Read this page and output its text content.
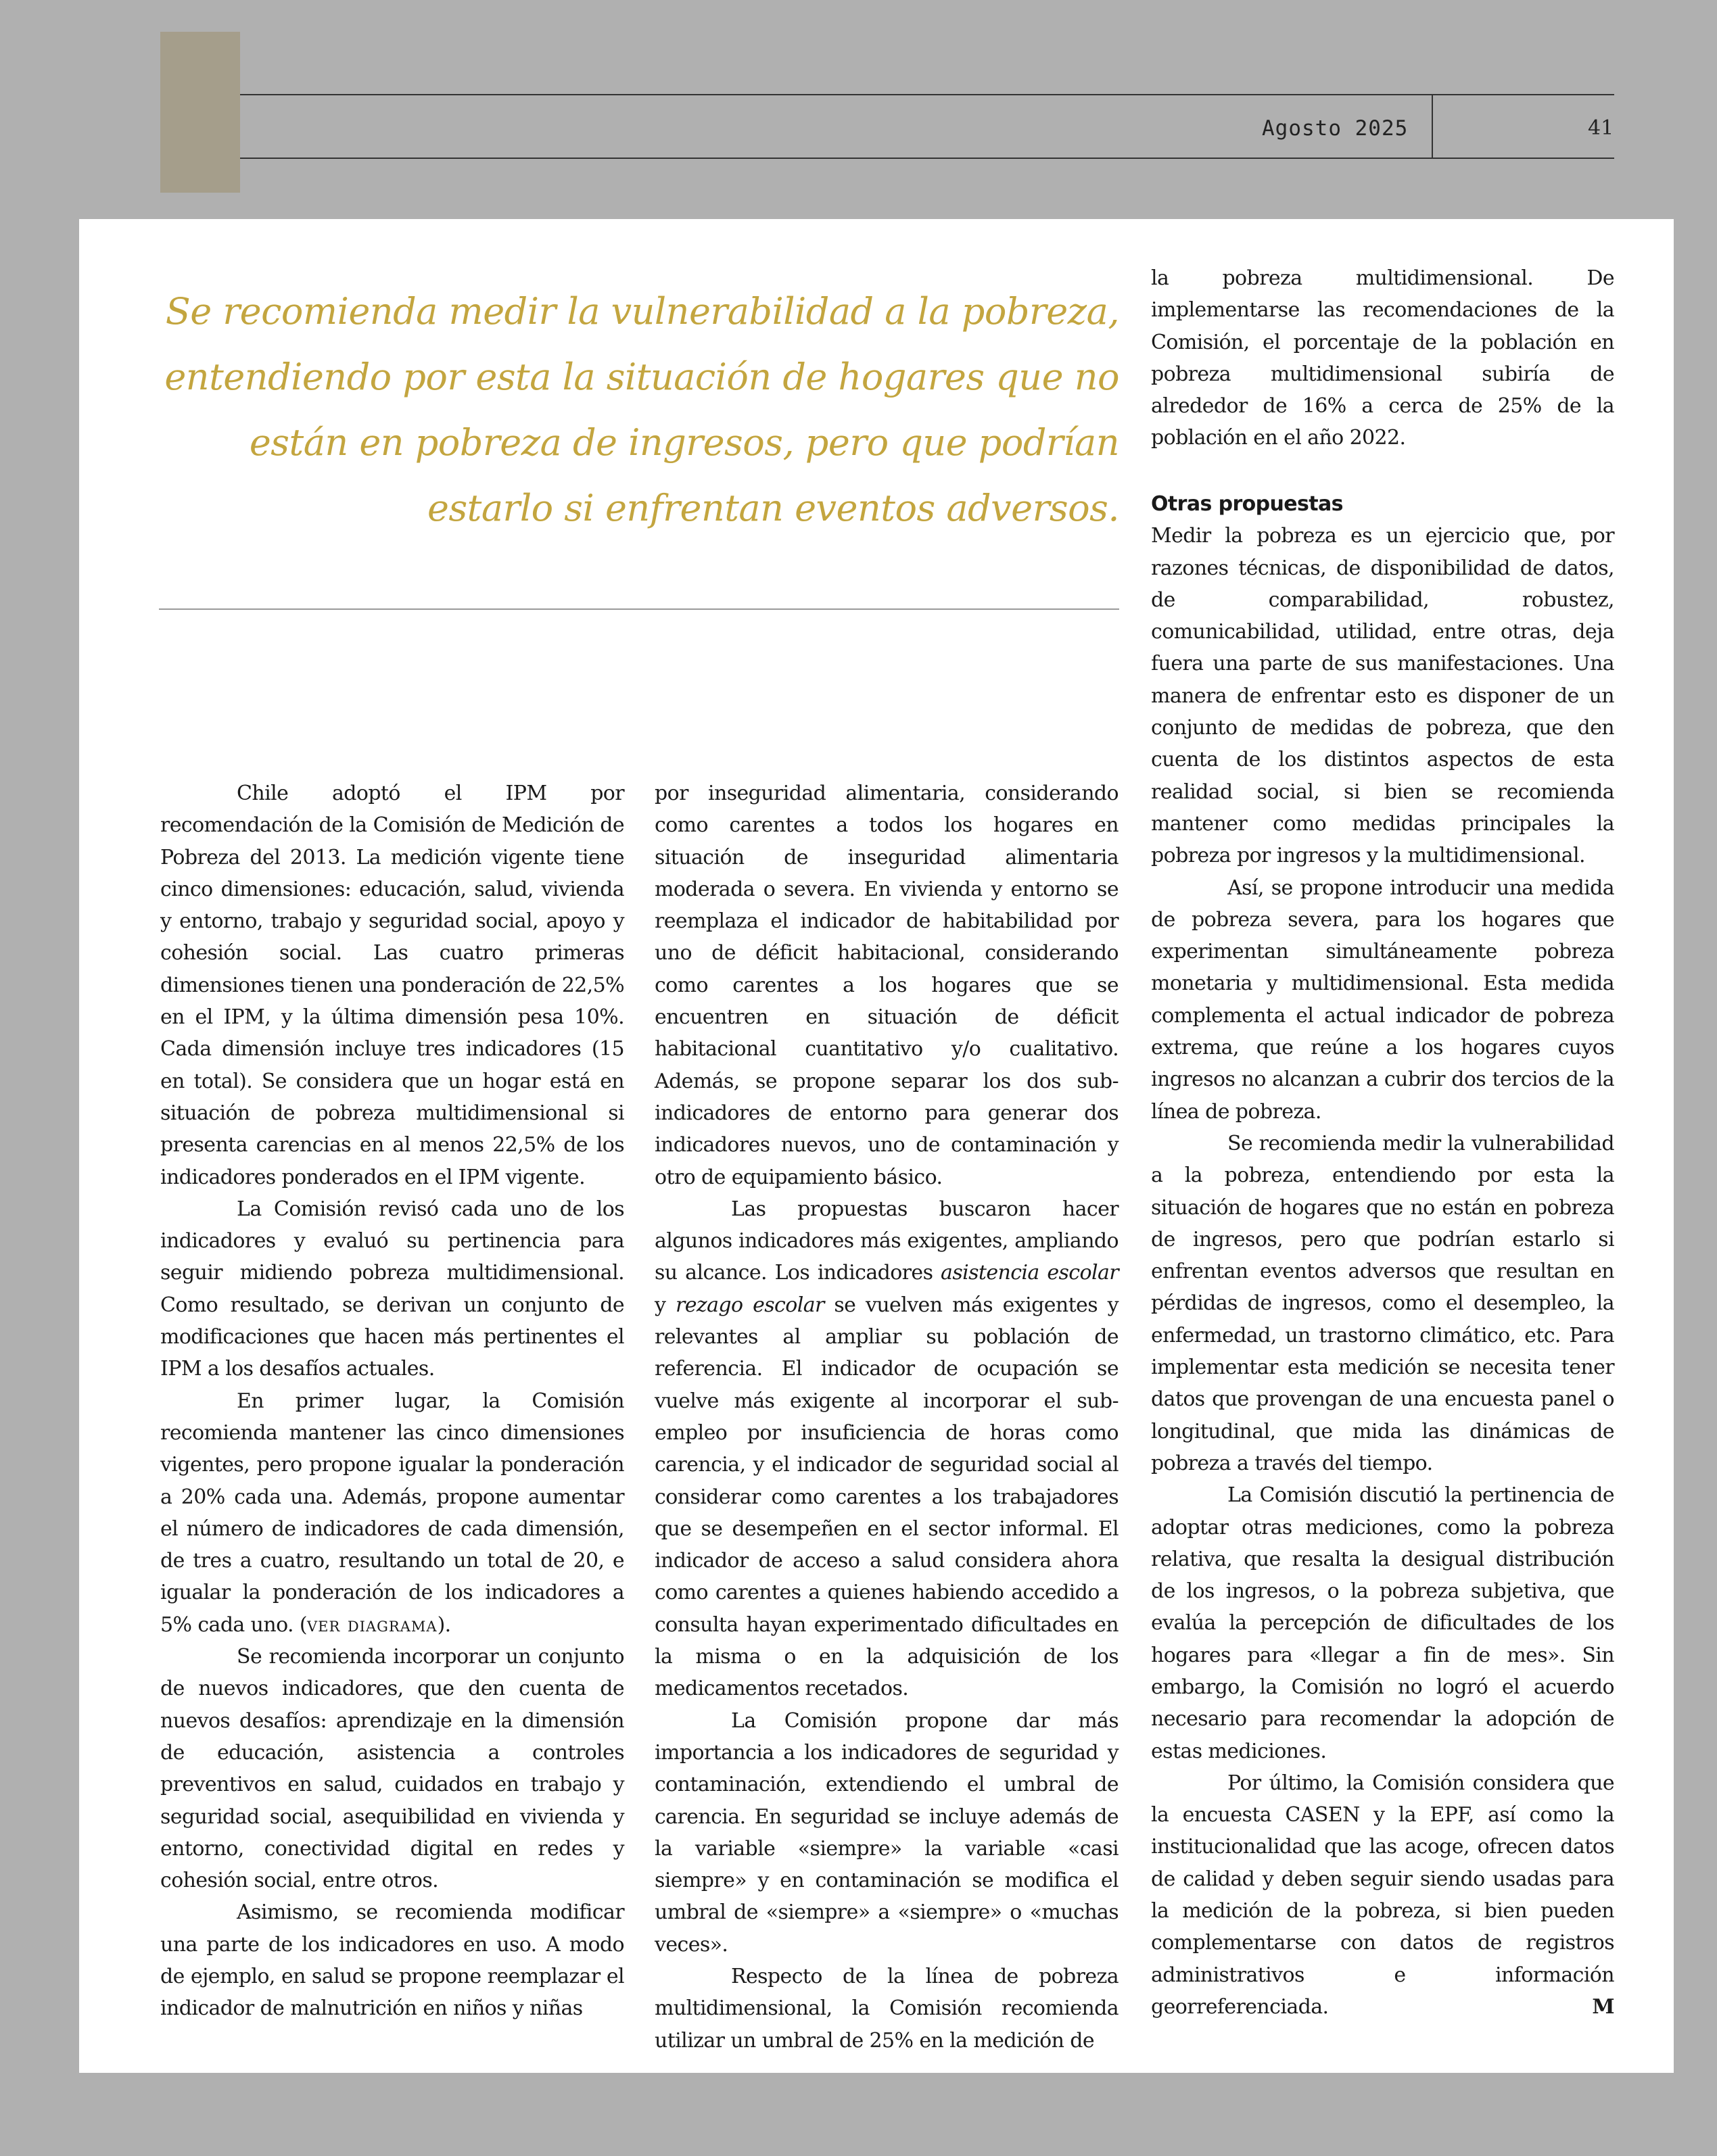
Agosto 2025	41
Se recomienda medir la vulnerabilidad a la pobreza, entendiendo por esta la situación de hogares que no están en pobreza de ingresos, pero que podrían estarlo si enfrentan eventos adversos.

Chile adoptó el IPM por recomendación de la Comisión de Medición de Pobreza del 2013. La medición vigente tiene cinco dimensiones: educación, salud, vivienda y entorno, trabajo y seguridad social, apoyo y cohesión social. Las cuatro primeras dimensiones tienen una ponderación de 22,5% en el IPM, y la última dimensión pesa 10%. Cada dimensión incluye tres indicadores (15 en total). Se considera que un hogar está en situación de pobreza multidimensional si presenta carencias en al menos 22,5% de los indicadores ponderados en el IPM vigente.

La Comisión revisó cada uno de los indicadores y evaluó su pertinencia para seguir midiendo pobreza multidimensional. Como resultado, se derivan un conjunto de modificaciones que hacen más pertinentes el IPM a los desafíos actuales.

En primer lugar, la Comisión recomienda mantener las cinco dimensiones vigentes, pero propone igualar la ponderación a 20% cada una. Además, propone aumentar el número de indicadores de cada dimensión, de tres a cuatro, resultando un total de 20, e igualar la ponderación de los indicadores a 5% cada uno. (ver diagrama).

Se recomienda incorporar un conjunto de nuevos indicadores, que den cuenta de nuevos desafíos: aprendizaje en la dimensión de educación, asistencia a controles preventivos en salud, cuidados en trabajo y seguridad social, asequibilidad en vivienda y entorno, conectividad digital en redes y cohesión social, entre otros.

Asimismo, se recomienda modificar una parte de los indicadores en uso. A modo de ejemplo, en salud se propone reemplazar el indicador de malnutrición en niños y niñas

por inseguridad alimentaria, considerando como carentes a todos los hogares en situación de inseguridad alimentaria moderada o severa. En vivienda y entorno se reemplaza el indicador de habitabilidad por uno de déficit habitacional, considerando como carentes a los hogares que se encuentren en situación de déficit habitacional cuantitativo y/o cualitativo. Además, se propone separar los dos sub-indicadores de entorno para generar dos indicadores nuevos, uno de contaminación y otro de equipamiento básico.

Las propuestas buscaron hacer algunos indicadores más exigentes, ampliando su alcance. Los indicadores asistencia escolar y rezago escolar se vuelven más exigentes y relevantes al ampliar su población de referencia. El indicador de ocupación se vuelve más exigente al incorporar el sub-empleo por insuficiencia de horas como carencia, y el indicador de seguridad social al considerar como carentes a los trabajadores que se desempeñen en el sector informal. El indicador de acceso a salud considera ahora como carentes a quienes habiendo accedido a consulta hayan experimentado dificultades en la misma o en la adquisición de los medicamentos recetados.

La Comisión propone dar más importancia a los indicadores de seguridad y contaminación, extendiendo el umbral de carencia. En seguridad se incluye además de la variable «siempre» la variable «casi siempre» y en contaminación se modifica el umbral de «siempre» a «siempre» o «muchas veces».

Respecto de la línea de pobreza multidimensional, la Comisión recomienda utilizar un umbral de 25% en la medición de

la pobreza multidimensional. De implementarse las recomendaciones de la Comisión, el porcentaje de la población en pobreza multidimensional subiría de alrededor de 16% a cerca de 25% de la población en el año 2022.

Otras propuestas

Medir la pobreza es un ejercicio que, por razones técnicas, de disponibilidad de datos, de comparabilidad, robustez, comunicabilidad, utilidad, entre otras, deja fuera una parte de sus manifestaciones. Una manera de enfrentar esto es disponer de un conjunto de medidas de pobreza, que den cuenta de los distintos aspectos de esta realidad social, si bien se recomienda mantener como medidas principales la pobreza por ingresos y la multidimensional.

Así, se propone introducir una medida de pobreza severa, para los hogares que experimentan simultáneamente pobreza monetaria y multidimensional. Esta medida complementa el actual indicador de pobreza extrema, que reúne a los hogares cuyos ingresos no alcanzan a cubrir dos tercios de la línea de pobreza.

Se recomienda medir la vulnerabilidad a la pobreza, entendiendo por esta la situación de hogares que no están en pobreza de ingresos, pero que podrían estarlo si enfrentan eventos adversos que resultan en pérdidas de ingresos, como el desempleo, la enfermedad, un trastorno climático, etc. Para implementar esta medición se necesita tener datos que provengan de una encuesta panel o longitudinal, que mida las dinámicas de pobreza a través del tiempo.

La Comisión discutió la pertinencia de adoptar otras mediciones, como la pobreza relativa, que resalta la desigual distribución de los ingresos, o la pobreza subjetiva, que evalúa la percepción de dificultades de los hogares para «llegar a fin de mes». Sin embargo, la Comisión no logró el acuerdo necesario para recomendar la adopción de estas mediciones.

Por último, la Comisión considera que la encuesta CASEN y la EPF, así como la institucionalidad que las acoge, ofrecen datos de calidad y deben seguir siendo usadas para la medición de la pobreza, si bien pueden complementarse con datos de registros administrativos e información georreferenciada.	M
